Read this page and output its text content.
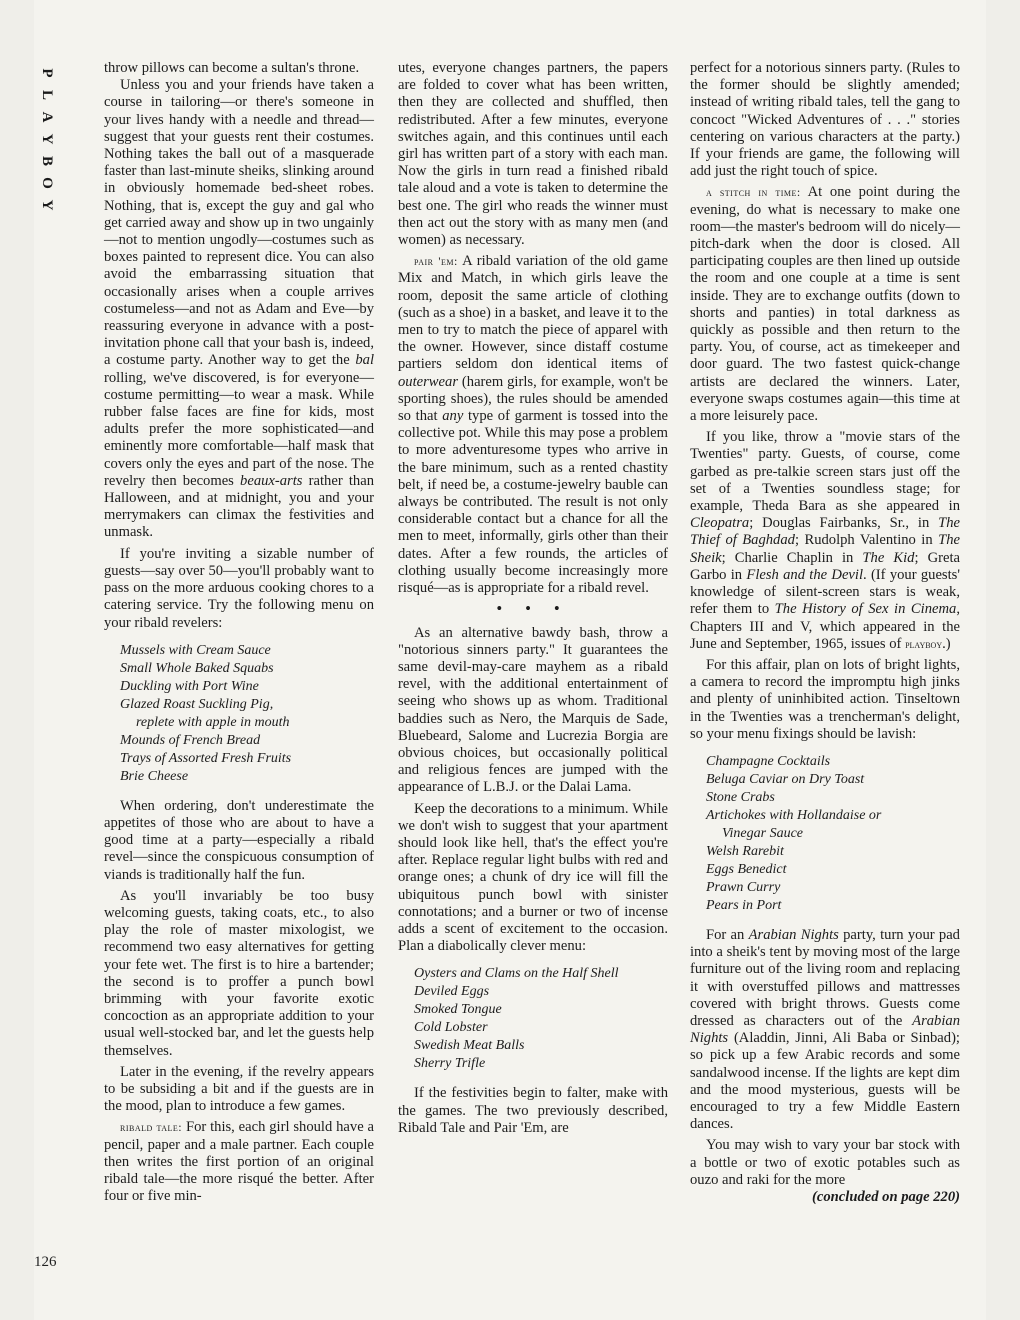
P
L
A
Y
B
O
Y
126

throw pillows can become a sultan's throne.

Unless you and your friends have taken a course in tailoring—or there's someone in your lives handy with a needle and thread—suggest that your guests rent their costumes. Nothing takes the ball out of a masquerade faster than last-minute sheiks, slinking around in obviously homemade bed-sheet robes. Nothing, that is, except the guy and gal who get carried away and show up in two ungainly—not to mention ungodly—costumes such as boxes painted to represent dice. You can also avoid the embarrassing situation that occasionally arises when a couple arrives costumeless—and not as Adam and Eve—by reassuring everyone in advance with a post-invitation phone call that your bash is, indeed, a costume party. Another way to get the bal rolling, we've discovered, is for everyone—costume permitting—to wear a mask. While rubber false faces are fine for kids, most adults prefer the more sophisticated—and eminently more comfortable—half mask that covers only the eyes and part of the nose. The revelry then becomes beaux-arts rather than Halloween, and at midnight, you and your merrymakers can climax the festivities and unmask.

If you're inviting a sizable number of guests—say over 50—you'll probably want to pass on the more arduous cooking chores to a catering service. Try the following menu on your ribald revelers:

Mussels with Cream Sauce
Small Whole Baked Squabs
Duckling with Port Wine
Glazed Roast Suckling Pig,
replete with apple in mouth
Mounds of French Bread
Trays of Assorted Fresh Fruits
Brie Cheese

When ordering, don't underestimate the appetites of those who are about to have a good time at a party—especially a ribald revel—since the conspicuous consumption of viands is traditionally half the fun.

As you'll invariably be too busy welcoming guests, taking coats, etc., to also play the role of master mixologist, we recommend two easy alternatives for getting your fete wet. The first is to hire a bartender; the second is to proffer a punch bowl brimming with your favorite exotic concoction as an appropriate addition to your usual well-stocked bar, and let the guests help themselves.

Later in the evening, if the revelry appears to be subsiding a bit and if the guests are in the mood, plan to introduce a few games.

ribald tale: For this, each girl should have a pencil, paper and a male partner. Each couple then writes the first portion of an original ribald tale—the more risqué the better. After four or five min-

utes, everyone changes partners, the papers are folded to cover what has been written, then they are collected and shuffled, then redistributed. After a few minutes, everyone switches again, and this continues until each girl has written part of a story with each man. Now the girls in turn read a finished ribald tale aloud and a vote is taken to determine the best one. The girl who reads the winner must then act out the story with as many men (and women) as necessary.

pair 'em: A ribald variation of the old game Mix and Match, in which girls leave the room, deposit the same article of clothing (such as a shoe) in a basket, and leave it to the men to try to match the piece of apparel with the owner. However, since distaff costume partiers seldom don identical items of outerwear (harem girls, for example, won't be sporting shoes), the rules should be amended so that any type of garment is tossed into the collective pot. While this may pose a problem to more adventuresome types who arrive in the bare minimum, such as a rented chastity belt, if need be, a costume-jewelry bauble can always be contributed. The result is not only considerable contact but a chance for all the men to meet, informally, girls other than their dates. After a few rounds, the articles of clothing usually become increasingly more risqué—as is appropriate for a ribald revel.

• • •

As an alternative bawdy bash, throw a "notorious sinners party." It guarantees the same devil-may-care mayhem as a ribald revel, with the additional entertainment of seeing who shows up as whom. Traditional baddies such as Nero, the Marquis de Sade, Bluebeard, Salome and Lucrezia Borgia are obvious choices, but occasionally political and religious fences are jumped with the appearance of L.B.J. or the Dalai Lama.

Keep the decorations to a minimum. While we don't wish to suggest that your apartment should look like hell, that's the effect you're after. Replace regular light bulbs with red and orange ones; a chunk of dry ice will fill the ubiquitous punch bowl with sinister connotations; and a burner or two of incense adds a scent of excitement to the occasion. Plan a diabolically clever menu:

Oysters and Clams on the Half Shell
Deviled Eggs
Smoked Tongue
Cold Lobster
Swedish Meat Balls
Sherry Trifle

If the festivities begin to falter, make with the games. The two previously described, Ribald Tale and Pair 'Em, are

perfect for a notorious sinners party. (Rules to the former should be slightly amended; instead of writing ribald tales, tell the gang to concoct "Wicked Adventures of . . ." stories centering on various characters at the party.) If your friends are game, the following will add just the right touch of spice.

a stitch in time: At one point during the evening, do what is necessary to make one room—the master's bedroom will do nicely—pitch-dark when the door is closed. All participating couples are then lined up outside the room and one couple at a time is sent inside. They are to exchange outfits (down to shorts and panties) in total darkness as quickly as possible and then return to the party. You, of course, act as timekeeper and door guard. The two fastest quick-change artists are declared the winners. Later, everyone swaps costumes again—this time at a more leisurely pace.

If you like, throw a "movie stars of the Twenties" party. Guests, of course, come garbed as pre-talkie screen stars just off the set of a Twenties soundless stage; for example, Theda Bara as she appeared in Cleopatra; Douglas Fairbanks, Sr., in The Thief of Baghdad; Rudolph Valentino in The Sheik; Charlie Chaplin in The Kid; Greta Garbo in Flesh and the Devil. (If your guests' knowledge of silent-screen stars is weak, refer them to The History of Sex in Cinema, Chapters III and V, which appeared in the June and September, 1965, issues of playboy.)

For this affair, plan on lots of bright lights, a camera to record the impromptu high jinks and plenty of uninhibited action. Tinseltown in the Twenties was a trencherman's delight, so your menu fixings should be lavish:

Champagne Cocktails
Beluga Caviar on Dry Toast
Stone Crabs
Artichokes with Hollandaise or
Vinegar Sauce
Welsh Rarebit
Eggs Benedict
Prawn Curry
Pears in Port

For an Arabian Nights party, turn your pad into a sheik's tent by moving most of the large furniture out of the living room and replacing it with overstuffed pillows and mattresses covered with bright throws. Guests come dressed as characters out of the Arabian Nights (Aladdin, Jinni, Ali Baba or Sinbad); so pick up a few Arabic records and some sandalwood incense. If the lights are kept dim and the mood mysterious, guests will be encouraged to try a few Middle Eastern dances.

You may wish to vary your bar stock with a bottle or two of exotic potables such as ouzo and raki for the more

(concluded on page 220)
